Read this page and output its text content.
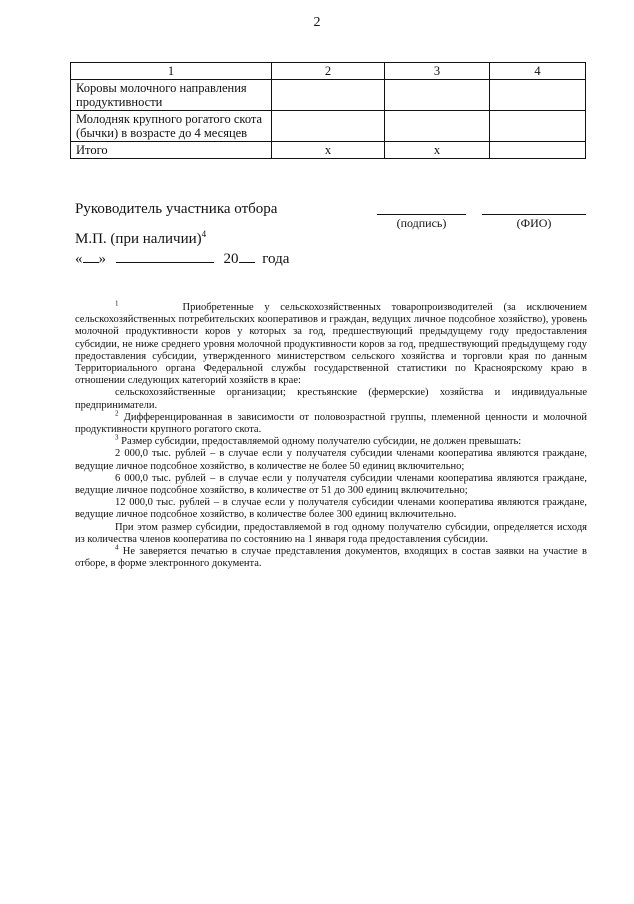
2
1	2	3	4
Коровы молочного направления продуктивности			
Молодняк крупного рогатого скота (бычки) в возрасте до 4 месяцев			
Итого	x	x	
Руководитель участника отбора
(подпись)	(ФИО)
М.П. (при наличии)$^4$
« »	20 года

$^1$	Приобретенные у сельскохозяйственных товаропроизводителей (за исключением сельскохозяйственных потребительских кооперативов и граждан, ведущих личное подсобное хозяйство), уровень молочной продуктивности коров у которых за год, предшествующий предыдущему году предоставления субсидии, не ниже среднего уровня молочной продуктивности коров за год, предшествующий предыдущему году предоставления субсидии, утвержденного министерством сельского хозяйства и торговли края по данным Территориального органа Федеральной службы государственной статистики по Красноярскому краю в отношении следующих категорий хозяйств в крае:

сельскохозяйственные организации; крестьянские (фермерские) хозяйства и индивидуальные предприниматели.

$^2$ Дифференцированная в зависимости от половозрастной группы, племенной ценности и молочной продуктивности крупного рогатого скота.

$^3$ Размер субсидии, предоставляемой одному получателю субсидии, не должен превышать:

2 000,0 тыс. рублей – в случае если у получателя субсидии членами кооператива являются граждане, ведущие личное подсобное хозяйство, в количестве не более 50 единиц включительно;

6 000,0 тыс. рублей – в случае если у получателя субсидии членами кооператива являются граждане, ведущие личное подсобное хозяйство, в количестве от 51 до 300 единиц включительно;

12 000,0 тыс. рублей – в случае если у получателя субсидии членами кооператива являются граждане, ведущие личное подсобное хозяйство, в количестве более 300 единиц включительно.

При этом размер субсидии, предоставляемой в год одному получателю субсидии, определяется исходя из количества членов кооператива по состоянию на 1 января года предоставления субсидии.

$^4$ Не заверяется печатью в случае представления документов, входящих в состав заявки на участие в отборе, в форме электронного документа.
